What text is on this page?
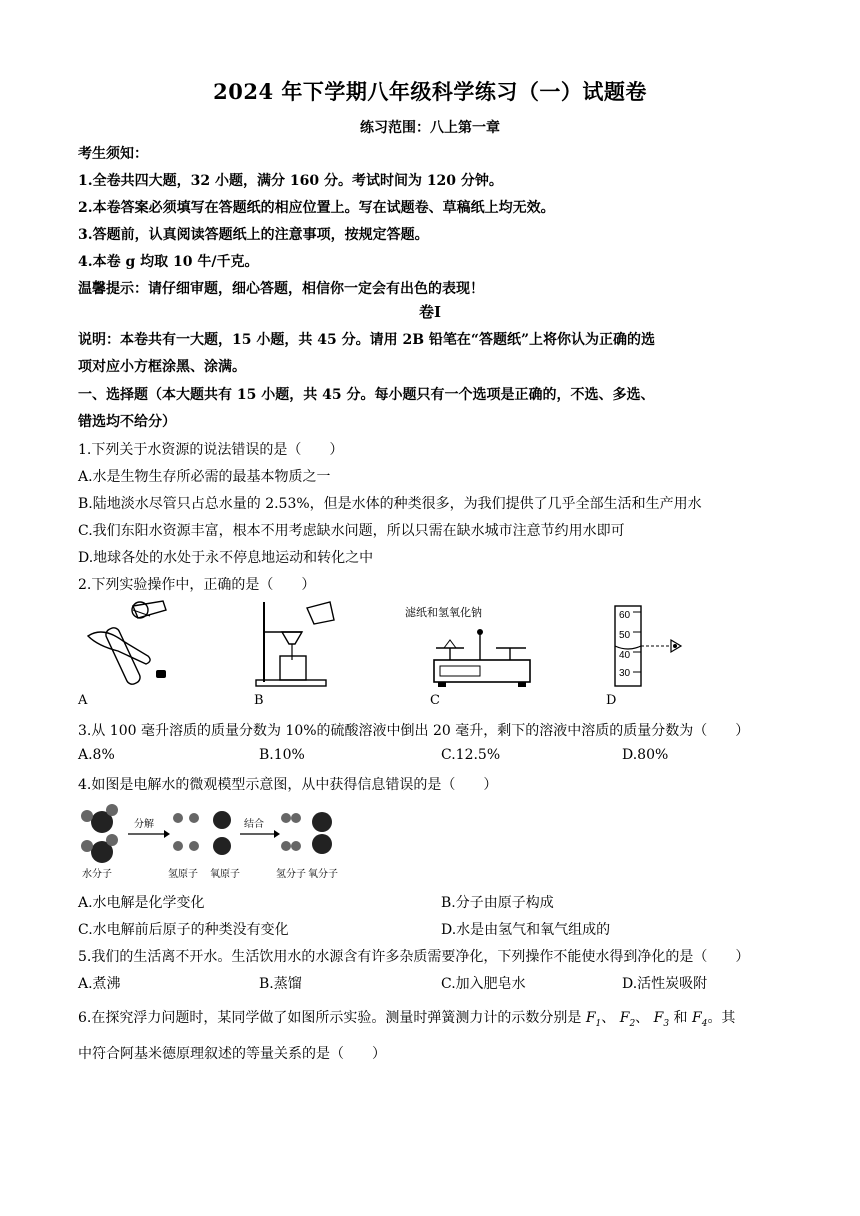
2024 年下学期八年级科学练习（一）试题卷
练习范围：八上第一章
考生须知：
1.全卷共四大题，32 小题，满分 160 分。考试时间为 120 分钟。
2.本卷答案必须填写在答题纸的相应位置上。写在试题卷、草稿纸上均无效。
3.答题前，认真阅读答题纸上的注意事项，按规定答题。
4.本卷 g 均取 10 牛/千克。
温馨提示：请仔细审题，细心答题，相信你一定会有出色的表现！
卷Ⅰ
说明：本卷共有一大题，15 小题，共 45 分。请用 2B 铅笔在“答题纸”上将你认为正确的选
项对应小方框涂黑、涂满。
一、选择题（本大题共有 15 小题，共 45 分。每小题只有一个选项是正确的，不选、多选、
错选均不给分）
1.下列关于水资源的说法错误的是（　　）
A.水是生物生存所必需的最基本物质之一
B.陆地淡水尽管只占总水量的 2.53%，但是水体的种类很多，为我们提供了几乎全部生活和生产用水
C.我们东阳水资源丰富，根本不用考虑缺水问题，所以只需在缺水城市注意节约用水即可
D.地球各处的水处于永不停息地运动和转化之中
2.下列实验操作中，正确的是（　　）
滤纸和氢氧化钠	60
50
40
30
A	B	C	D
3.从 100 毫升溶质的质量分数为 10%的硫酸溶液中倒出 20 毫升，剩下的溶液中溶质的质量分数为（　　）
A.8%	B.10%	C.12.5%	D.80%
4.如图是电解水的微观模型示意图，从中获得信息错误的是（　　）
分解	结合
水分子	氢原子 氧原子	氢分子 氧分子
A.水电解是化学变化	B.分子由原子构成
C.水电解前后原子的种类没有变化	D.水是由氢气和氧气组成的
5.我们的生活离不开水。生活饮用水的水源含有许多杂质需要净化，下列操作不能使水得到净化的是（　　）
A.煮沸	B.蒸馏	C.加入肥皂水	D.活性炭吸附
6.在探究浮力问题时，某同学做了如图所示实验。测量时弹簧测力计的示数分别是 $F_1$、 $F_2$、 $F_3$ 和 $F_4$。其
中符合阿基米德原理叙述的等量关系的是（　　）
